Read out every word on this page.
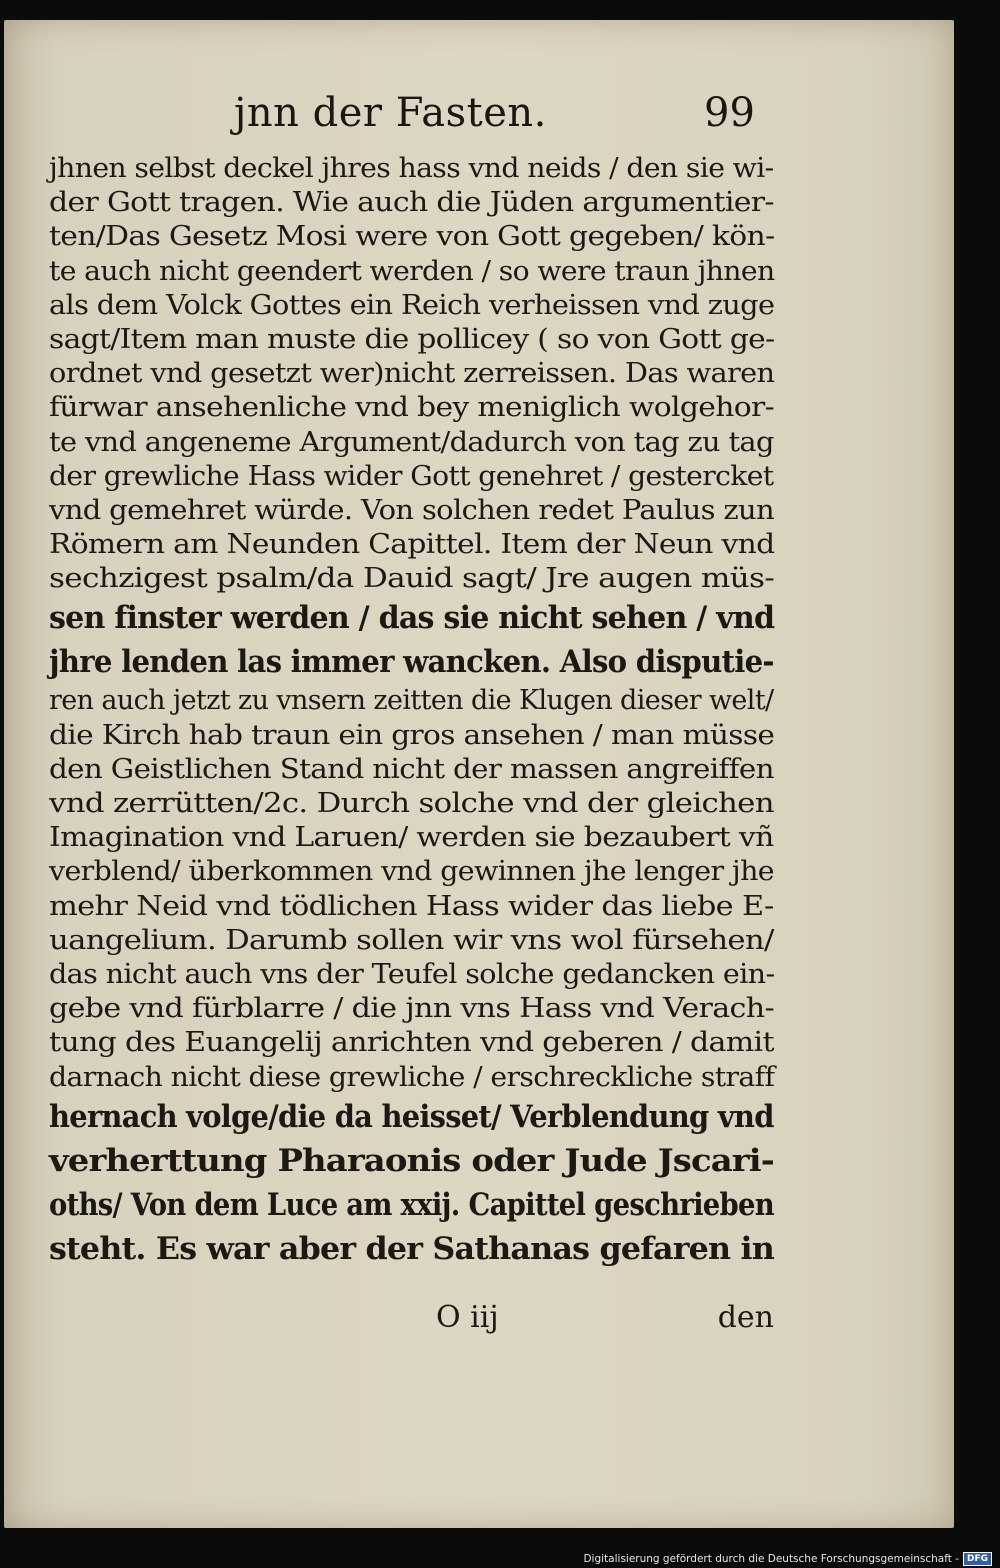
jnn der Fasten.	99
jhnen selbst deckel jhres hass vnd neids / den sie wi-
der Gott tragen. Wie auch die Jüden argumentier-
ten/Das Gesetz Mosi were von Gott gegeben/ kön-
te auch nicht geendert werden / so were traun jhnen
als dem Volck Gottes ein Reich verheissen vnd zuge
sagt/Item man muste die pollicey ( so von Gott ge-
ordnet vnd gesetzt wer)nicht zerreissen. Das waren
fürwar ansehenliche vnd bey meniglich wolgehor-
te vnd angeneme Argument/dadurch von tag zu tag
der grewliche Hass wider Gott genehret / gestercket
vnd gemehret würde. Von solchen redet Paulus zun
Römern am Neunden Capittel. Item der Neun vnd
sechzigest psalm/da Dauid sagt/ Jre augen müs-
sen finster werden / das sie nicht sehen / vnd
jhre lenden las immer wancken. Also disputie-
ren auch jetzt zu vnsern zeitten die Klugen dieser welt/
die Kirch hab traun ein gros ansehen / man müsse
den Geistlichen Stand nicht der massen angreiffen
vnd zerrütten/2c. Durch solche vnd der gleichen
Imagination vnd Laruen/ werden sie bezaubert vñ
verblend/ überkommen vnd gewinnen jhe lenger jhe
mehr Neid vnd tödlichen Hass wider das liebe E-
uangelium. Darumb sollen wir vns wol fürsehen/
das nicht auch vns der Teufel solche gedancken ein-
gebe vnd fürblarre / die jnn vns Hass vnd Verach-
tung des Euangelij anrichten vnd geberen / damit
darnach nicht diese grewliche / erschreckliche straff
hernach volge/die da heisset/ Verblendung vnd
verherttung Pharaonis oder Jude Jscari-
oths/ Von dem Luce am xxij. Capittel geschrieben
steht. Es war aber der Sathanas gefaren in
O iij	den
Digitalisierung gefördert durch die Deutsche Forschungsgemeinschaft - DFG
